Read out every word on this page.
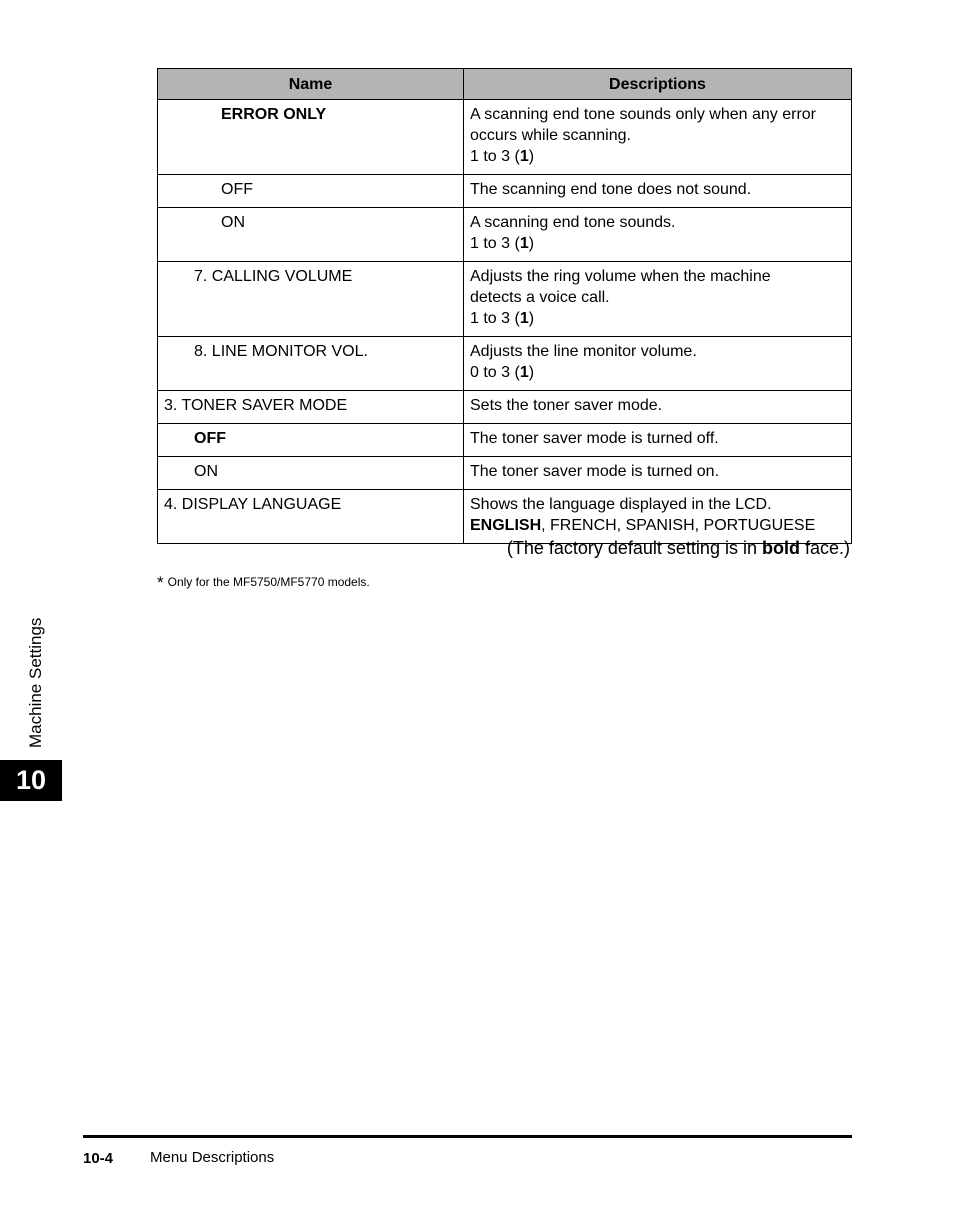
Name	Descriptions
ERROR ONLY	A scanning end tone sounds only when any error
occurs while scanning.
1 to 3 (1)

OFF	The scanning end tone does not sound.

ON	A scanning end tone sounds.
1 to 3 (1)

7. CALLING VOLUME	Adjusts the ring volume when the machine
detects a voice call.
1 to 3 (1)

8. LINE MONITOR VOL.	Adjusts the line monitor volume.
0 to 3 (1)

3. TONER SAVER MODE	Sets the toner saver mode.

OFF	The toner saver mode is turned off.

ON	The toner saver mode is turned on.

4. DISPLAY LANGUAGE	Shows the language displayed in the LCD.
ENGLISH, FRENCH, SPANISH, PORTUGUESE
(The factory default setting is in bold face.)
* Only for the MF5750/MF5770 models.
Machine Settings
10
10-4 Menu Descriptions
